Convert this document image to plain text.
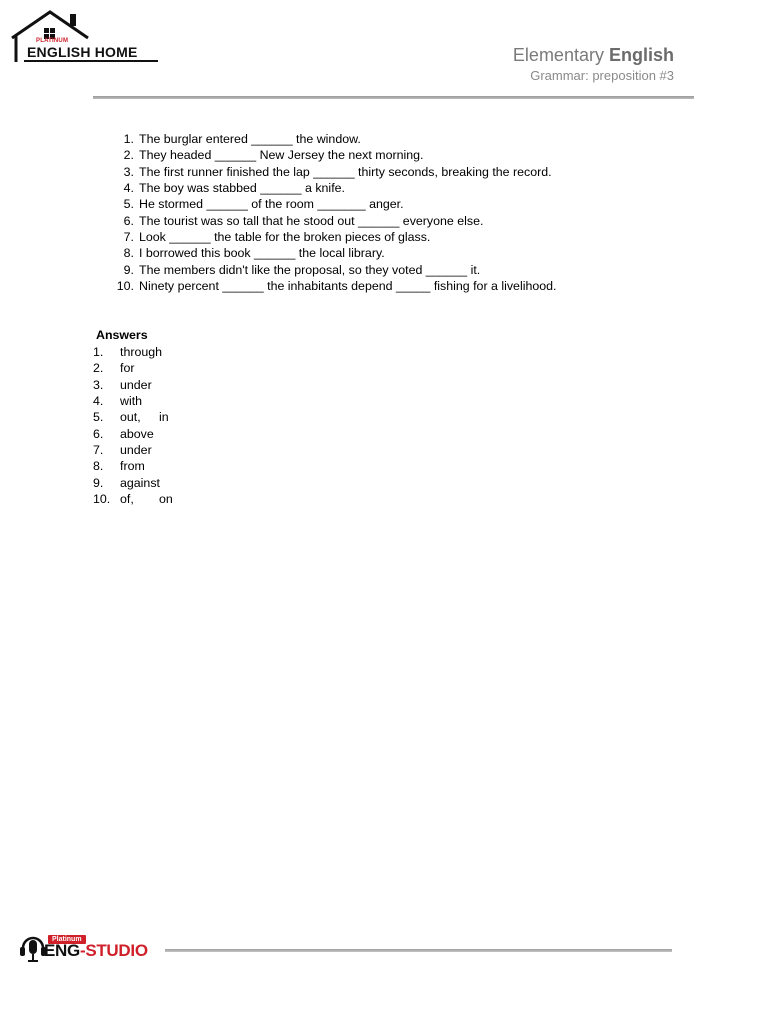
PLATINUM
ENGLISH HOME	Elementary English
Grammar: preposition #3
1. The burglar entered ______ the window.
2. They headed ______ New Jersey the next morning.
3. The first runner finished the lap ______ thirty seconds, breaking the record.
4. The boy was stabbed ______ a knife.
5. He stormed ______ of the room _______ anger.
6. The tourist was so tall that he stood out ______ everyone else.
7. Look ______ the table for the broken pieces of glass.
8. I borrowed this book ______ the local library.
9. The members didn't like the proposal, so they voted ______ it.
10. Ninety percent ______ the inhabitants depend _____ fishing for a livelihood.
Answers
1. through
2. for
3. under
4. with
5. out, in
6. above
7. under
8. from
9. against
10. of, on
Platinum
ENG-STUDIO
